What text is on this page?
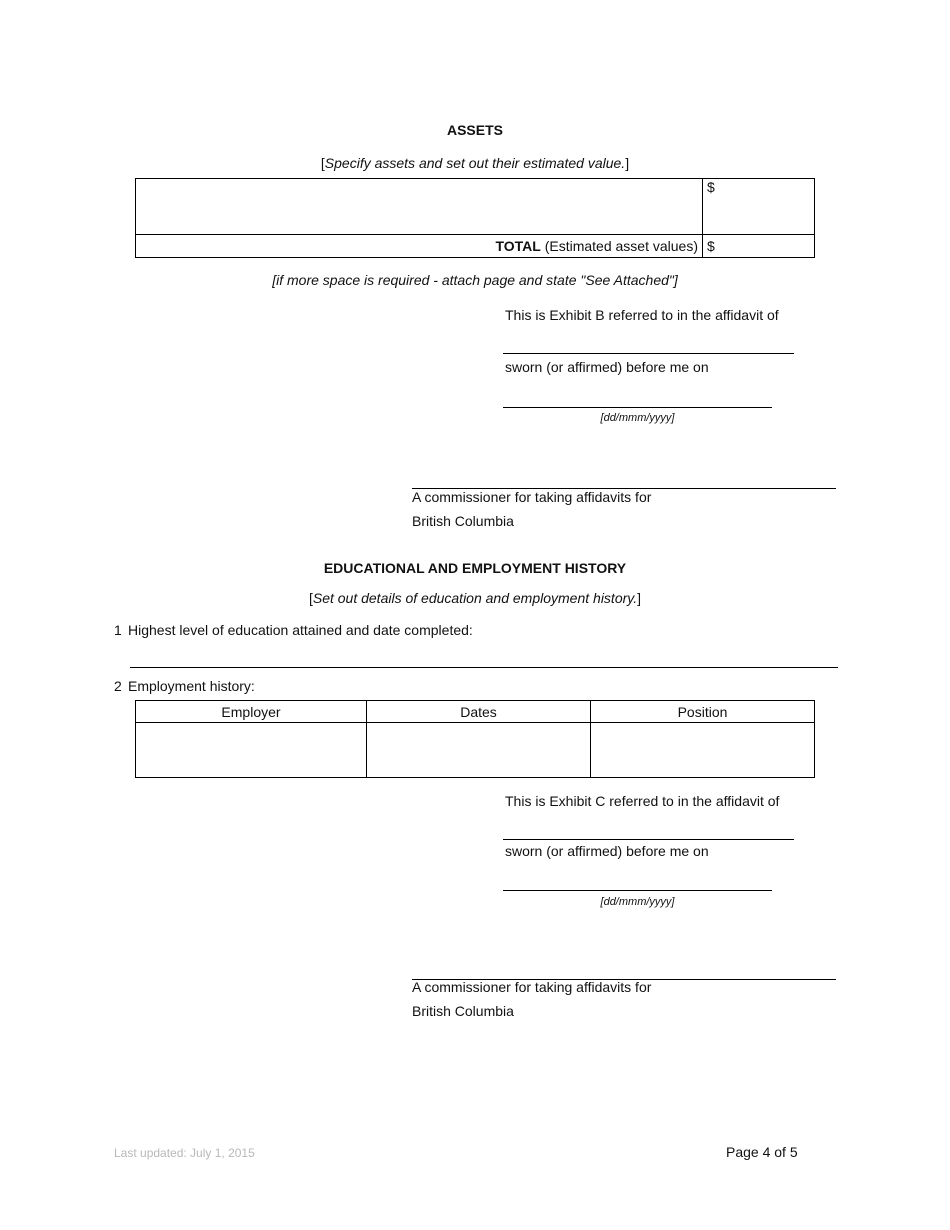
ASSETS
[Specify assets and set out their estimated value.]
	$
TOTAL (Estimated asset values)	$
[if more space is required - attach page and state "See Attached"]
This is Exhibit B referred to in the affidavit of
sworn (or affirmed) before me on
[dd/mmm/yyyy]
A commissioner for taking affidavits for
British Columbia
EDUCATIONAL AND EMPLOYMENT HISTORY
[Set out details of education and employment history.]
1 Highest level of education attained and date completed:
2 Employment history:
Employer	Dates	Position

This is Exhibit C referred to in the affidavit of
sworn (or affirmed) before me on
[dd/mmm/yyyy]
A commissioner for taking affidavits for
British Columbia
Last updated: July 1, 2015	Page 4 of 5
